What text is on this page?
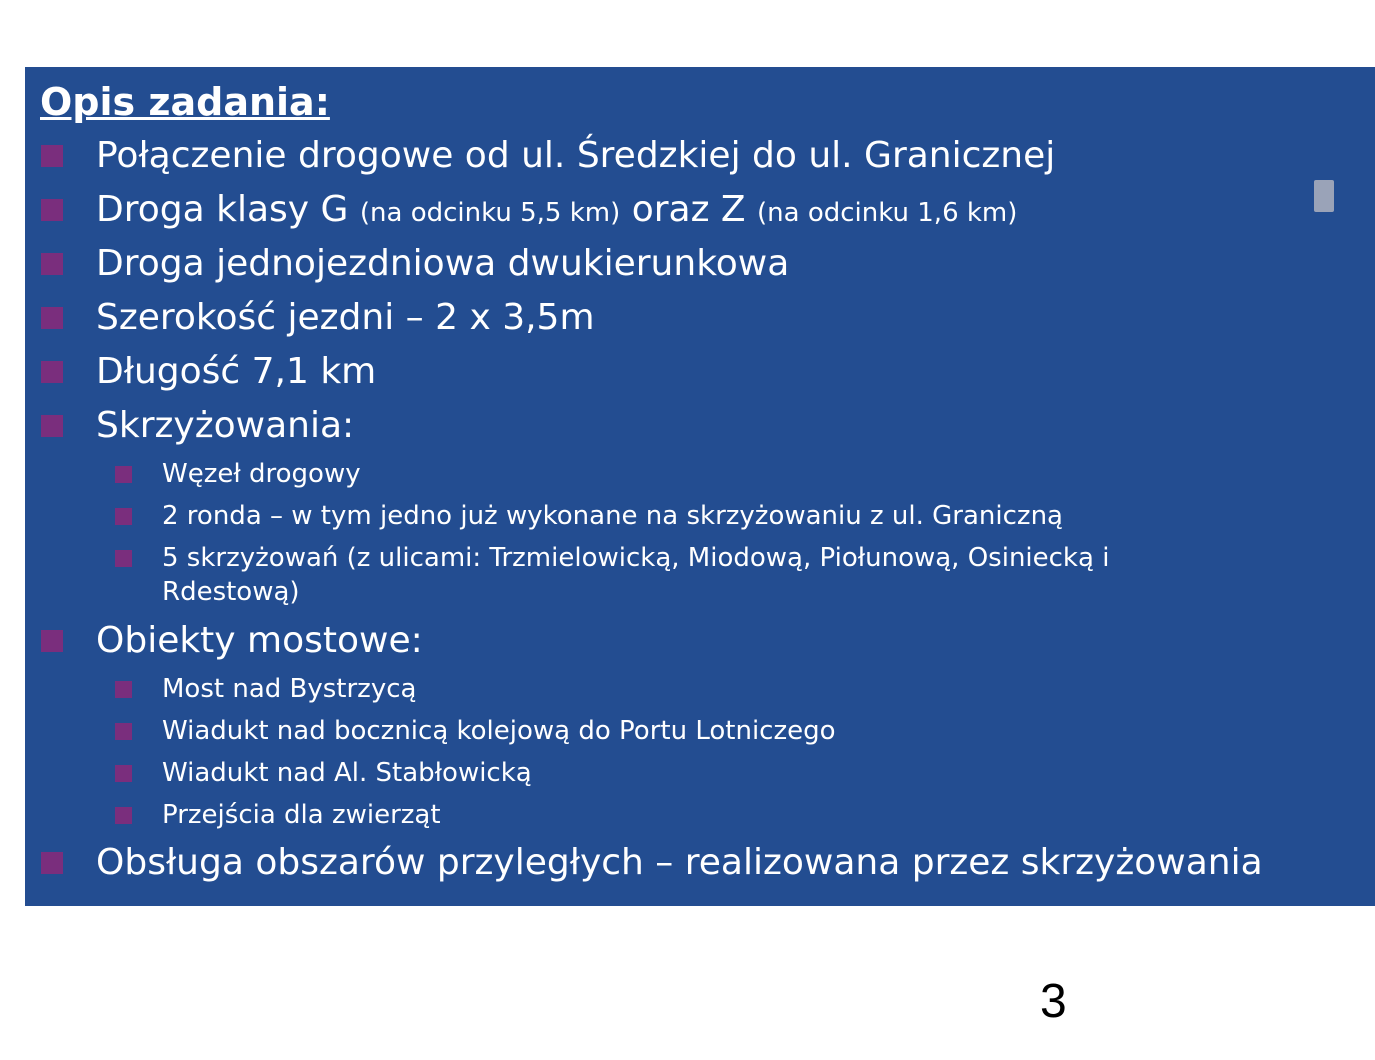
Opis zadania:
Połączenie drogowe od ul. Średzkiej do ul. Granicznej
Droga klasy G (na odcinku 5,5 km) oraz Z (na odcinku 1,6 km)
Droga jednojezdniowa dwukierunkowa
Szerokość jezdni – 2 x 3,5m
Długość 7,1 km
Skrzyżowania:
Węzeł drogowy
2 ronda – w tym jedno już wykonane na skrzyżowaniu z ul. Graniczną
5 skrzyżowań (z ulicami: Trzmielowicką, Miodową, Piołunową, Osiniecką i
Rdestową)
Obiekty mostowe:
Most nad Bystrzycą
Wiadukt nad bocznicą kolejową do Portu Lotniczego
Wiadukt nad Al. Stabłowicką
Przejścia dla zwierząt
Obsługa obszarów przyległych – realizowana przez skrzyżowania
3
